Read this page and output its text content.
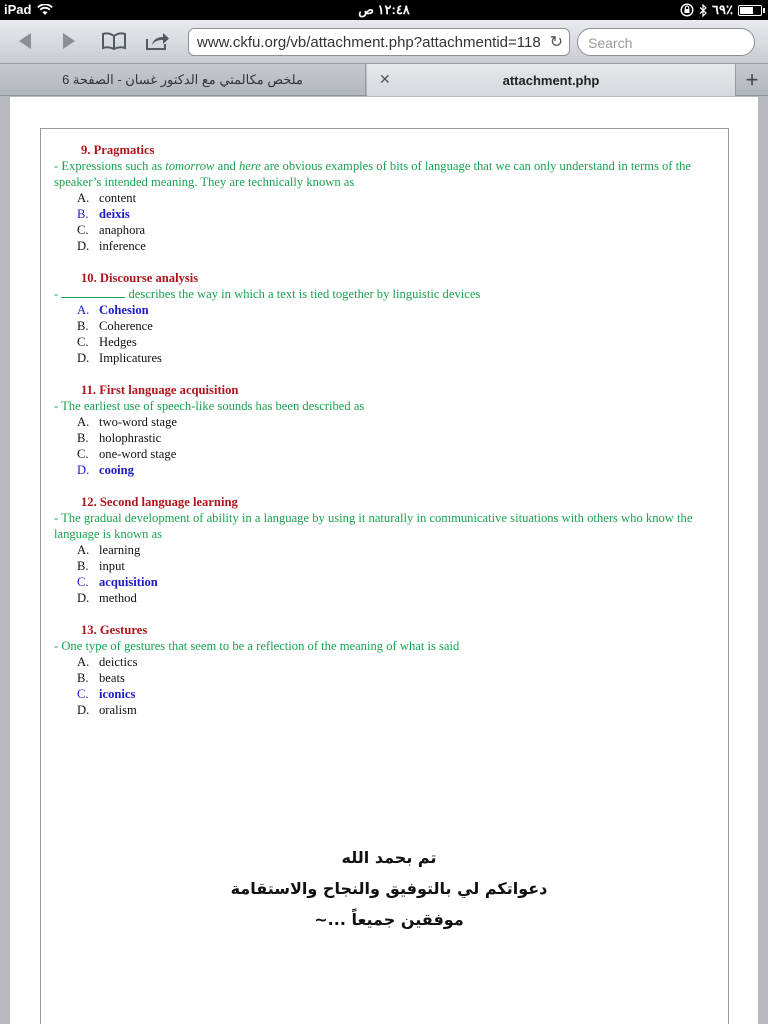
iPad	١٢:٤٨ ص	٦٩٪
www.ckfu.org/vb/attachment.php?attachmentid=118 ↻	Search
ملخص مكالمتي مع الدكتور غسان - الصفحة 6	✕	attachment.php	+
9. Pragmatics
- Expressions such as tomorrow and here are obvious examples of bits of language that we can only understand in terms of the speaker’s intended meaning. They are technically known as
A. content
B. deixis
C. anaphora
D. inference
10. Discourse analysis
-	describes the way in which a text is tied together by linguistic devices
A. Cohesion
B. Coherence
C. Hedges
D. Implicatures
11. First language acquisition
- The earliest use of speech-like sounds has been described as
A. two-word stage
B. holophrastic
C. one-word stage
D. cooing
12. Second language learning
- The gradual development of ability in a language by using it naturally in communicative situations with others who know the language is known as
A. learning
B. input
C. acquisition
D. method
13. Gestures
- One type of gestures that seem to be a reflection of the meaning of what is said
A. deictics
B. beats
C. iconics
D. oralism
تم بحمد الله
دعواتكم لي بالتوفيق والنجاح والاستقامة
موفقين جميعاً ...~
